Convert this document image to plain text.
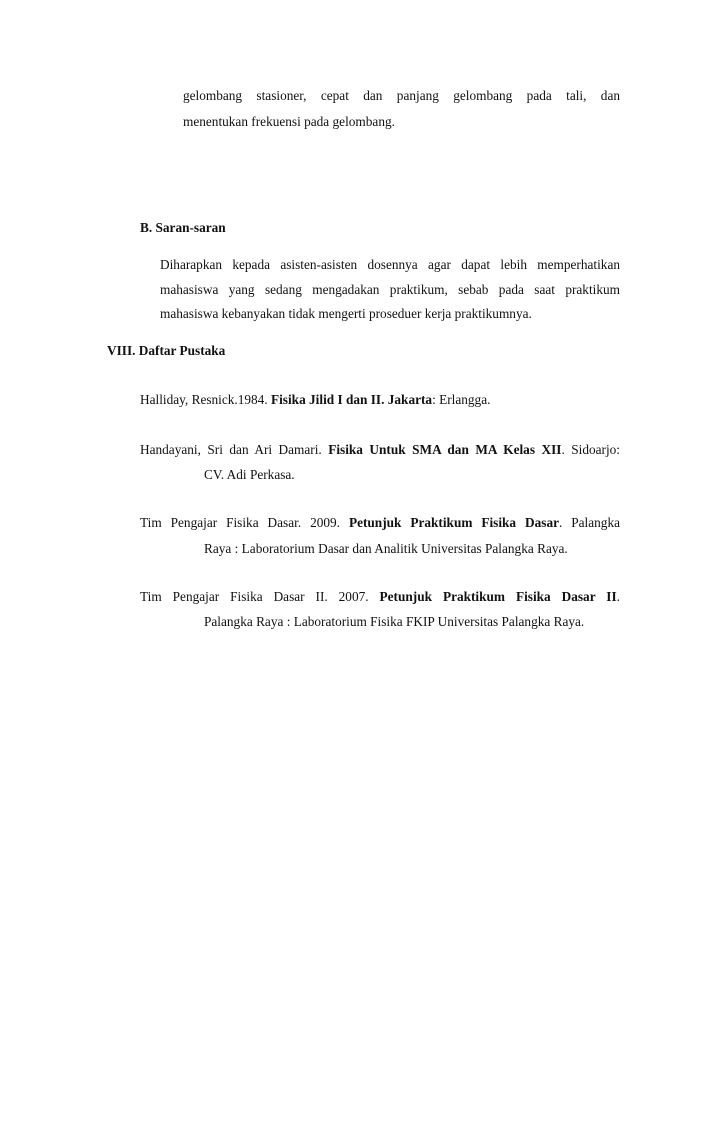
gelombang stasioner, cepat dan panjang gelombang pada tali, dan
menentukan frekuensi pada gelombang.
B. Saran-saran
Diharapkan kepada asisten-asisten dosennya agar dapat lebih memperhatikan
mahasiswa yang sedang mengadakan praktikum, sebab pada saat praktikum
mahasiswa kebanyakan tidak mengerti proseduer kerja praktikumnya.
VIII. Daftar Pustaka
Halliday, Resnick.1984. Fisika Jilid I dan II. Jakarta: Erlangga.
Handayani, Sri dan Ari Damari. Fisika Untuk SMA dan MA Kelas XII. Sidoarjo:
CV. Adi Perkasa.
Tim Pengajar Fisika Dasar. 2009. Petunjuk Praktikum Fisika Dasar. Palangka
Raya : Laboratorium Dasar dan Analitik Universitas Palangka Raya.
Tim Pengajar Fisika Dasar II. 2007. Petunjuk Praktikum Fisika Dasar II.
Palangka Raya : Laboratorium Fisika FKIP Universitas Palangka Raya.
